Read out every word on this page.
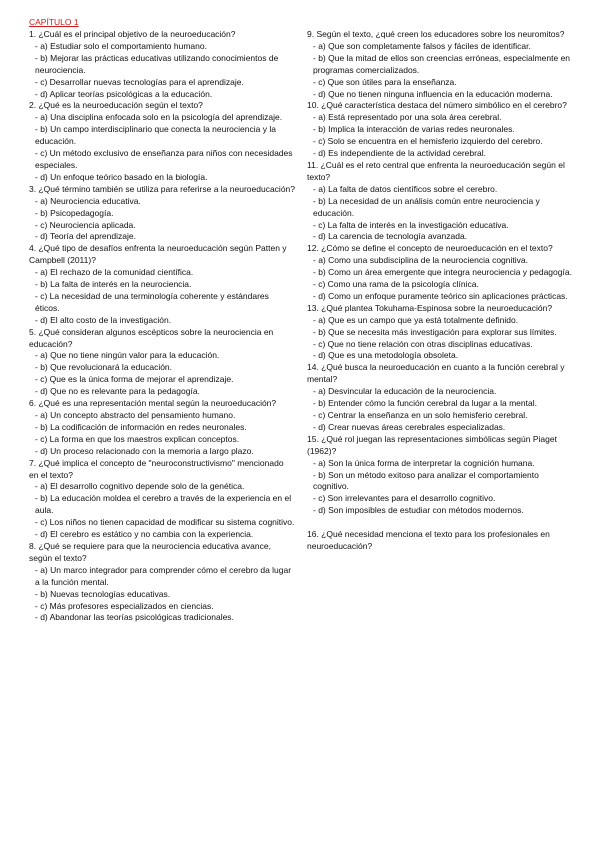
CAPÍTULO 1

1. ¿Cuál es el principal objetivo de la neuroeducación?

- a) Estudiar solo el comportamiento humano.

- b) Mejorar las prácticas educativas utilizando conocimientos de neurociencia.

- c) Desarrollar nuevas tecnologías para el aprendizaje.

- d) Aplicar teorías psicológicas a la educación.

2. ¿Qué es la neuroeducación según el texto?

- a) Una disciplina enfocada solo en la psicología del aprendizaje.

- b) Un campo interdisciplinario que conecta la neurociencia y la educación.

- c) Un método exclusivo de enseñanza para niños con necesidades especiales.

- d) Un enfoque teórico basado en la biología.

3. ¿Qué término también se utiliza para referirse a la neuroeducación?

- a) Neurociencia educativa.

- b) Psicopedagogía.

- c) Neurociencia aplicada.

- d) Teoría del aprendizaje.

4. ¿Qué tipo de desafíos enfrenta la neuroeducación según Patten y Campbell (2011)?

- a) El rechazo de la comunidad científica.

- b) La falta de interés en la neurociencia.

- c) La necesidad de una terminología coherente y estándares éticos.

- d) El alto costo de la investigación.

5. ¿Qué consideran algunos escépticos sobre la neurociencia en educación?

- a) Que no tiene ningún valor para la educación.

- b) Que revolucionará la educación.

- c) Que es la única forma de mejorar el aprendizaje.

- d) Que no es relevante para la pedagogía.

6. ¿Qué es una representación mental según la neuroeducación?

- a) Un concepto abstracto del pensamiento humano.

- b) La codificación de información en redes neuronales.

- c) La forma en que los maestros explican conceptos.

- d) Un proceso relacionado con la memoria a largo plazo.

7. ¿Qué implica el concepto de "neuroconstructivismo" mencionado en el texto?

- a) El desarrollo cognitivo depende solo de la genética.

- b) La educación moldea el cerebro a través de la experiencia en el aula.

- c) Los niños no tienen capacidad de modificar su sistema cognitivo.

- d) El cerebro es estático y no cambia con la experiencia.

8. ¿Qué se requiere para que la neurociencia educativa avance, según el texto?

- a) Un marco integrador para comprender cómo el cerebro da lugar a la función mental.

- b) Nuevas tecnologías educativas.

- c) Más profesores especializados en ciencias.

- d) Abandonar las teorías psicológicas tradicionales.

9. Según el texto, ¿qué creen los educadores sobre los neuromitos?

- a) Que son completamente falsos y fáciles de identificar.

- b) Que la mitad de ellos son creencias erróneas, especialmente en programas comercializados.

- c) Que son útiles para la enseñanza.

- d) Que no tienen ninguna influencia en la educación moderna.

10. ¿Qué característica destaca del número simbólico en el cerebro?

- a) Está representado por una sola área cerebral.

- b) Implica la interacción de varias redes neuronales.

- c) Solo se encuentra en el hemisferio izquierdo del cerebro.

- d) Es independiente de la actividad cerebral.

11. ¿Cuál es el reto central que enfrenta la neuroeducación según el texto?

- a) La falta de datos científicos sobre el cerebro.

- b) La necesidad de un análisis común entre neurociencia y educación.

- c) La falta de interés en la investigación educativa.

- d) La carencia de tecnología avanzada.

12. ¿Cómo se define el concepto de neuroeducación en el texto?

- a) Como una subdisciplina de la neurociencia cognitiva.

- b) Como un área emergente que integra neurociencia y pedagogía.

- c) Como una rama de la psicología clínica.

- d) Como un enfoque puramente teórico sin aplicaciones prácticas.

13. ¿Qué plantea Tokuhama-Espinosa sobre la neuroeducación?

- a) Que es un campo que ya está totalmente definido.

- b) Que se necesita más investigación para explorar sus límites.

- c) Que no tiene relación con otras disciplinas educativas.

- d) Que es una metodología obsoleta.

14. ¿Qué busca la neuroeducación en cuanto a la función cerebral y mental?

- a) Desvincular la educación de la neurociencia.

- b) Entender cómo la función cerebral da lugar a la mental.

- c) Centrar la enseñanza en un solo hemisferio cerebral.

- d) Crear nuevas áreas cerebrales especializadas.

15. ¿Qué rol juegan las representaciones simbólicas según Piaget (1962)?

- a) Son la única forma de interpretar la cognición humana.

- b) Son un método exitoso para analizar el comportamiento cognitivo.

- c) Son irrelevantes para el desarrollo cognitivo.

- d) Son imposibles de estudiar con métodos modernos.

16. ¿Qué necesidad menciona el texto para los profesionales en neuroeducación?
